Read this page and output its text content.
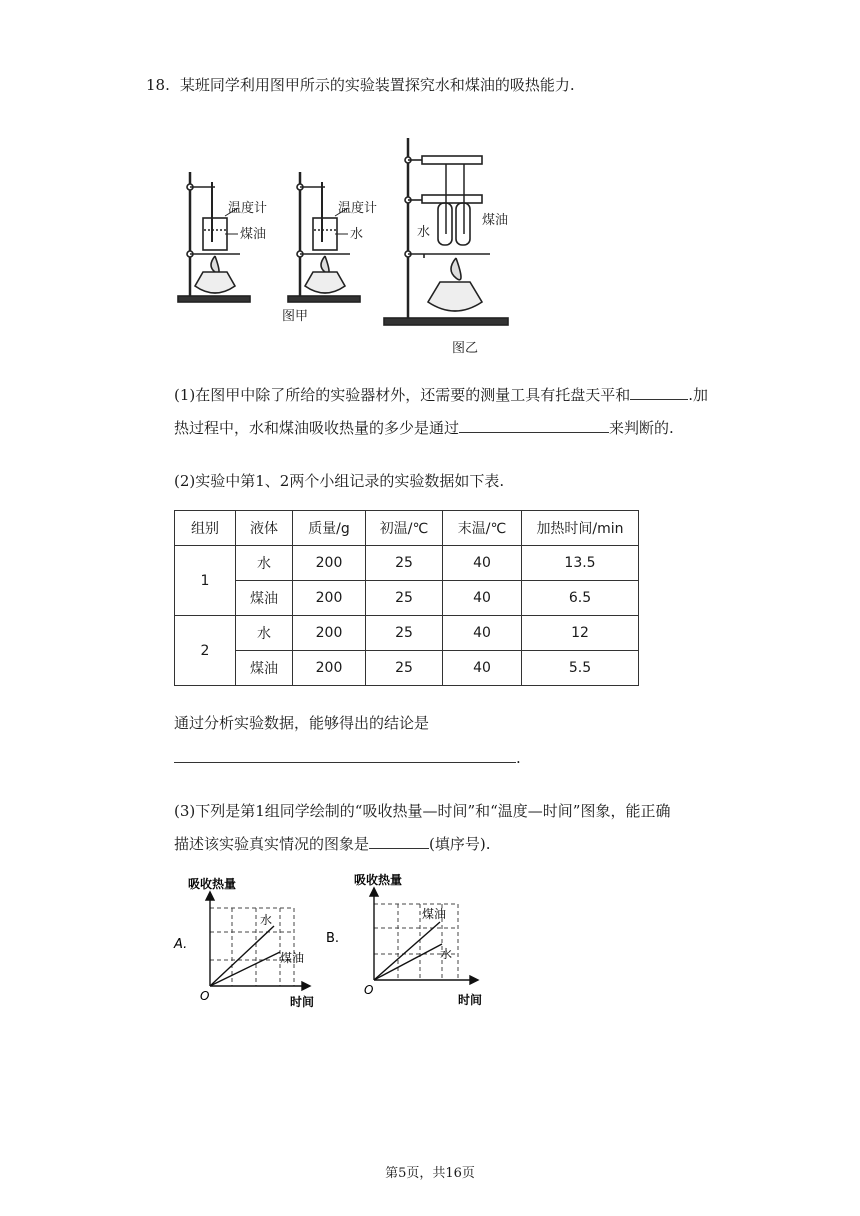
18. 某班同学利用图甲所示的实验装置探究水和煤油的吸热能力.
温度计
煤油
温度计
水
图甲
水
煤油
图乙
(1)在图甲中除了所给的实验器材外，还需要的测量工具有托盘天平和	.加
热过程中，水和煤油吸收热量的多少是通过	来判断的.
(2)实验中第1、2两个小组记录的实验数据如下表.
组别	液体	质量/g	初温/℃	末温/℃	加热时间/min
1	水	200	25	40	13.5
	煤油	200	25	40	6.5
2	水	200	25	40	12
	煤油	200	25	40	5.5
通过分析实验数据，能够得出的结论是
.
(3)下列是第1组同学绘制的“吸收热量—时间”和“温度—时间”图象，能正确
描述该实验真实情况的图象是	(填序号).
A.
吸收热量
水
煤油
O	时间
B.
吸收热量
煤油
水
O
时间
第5页，共16页
